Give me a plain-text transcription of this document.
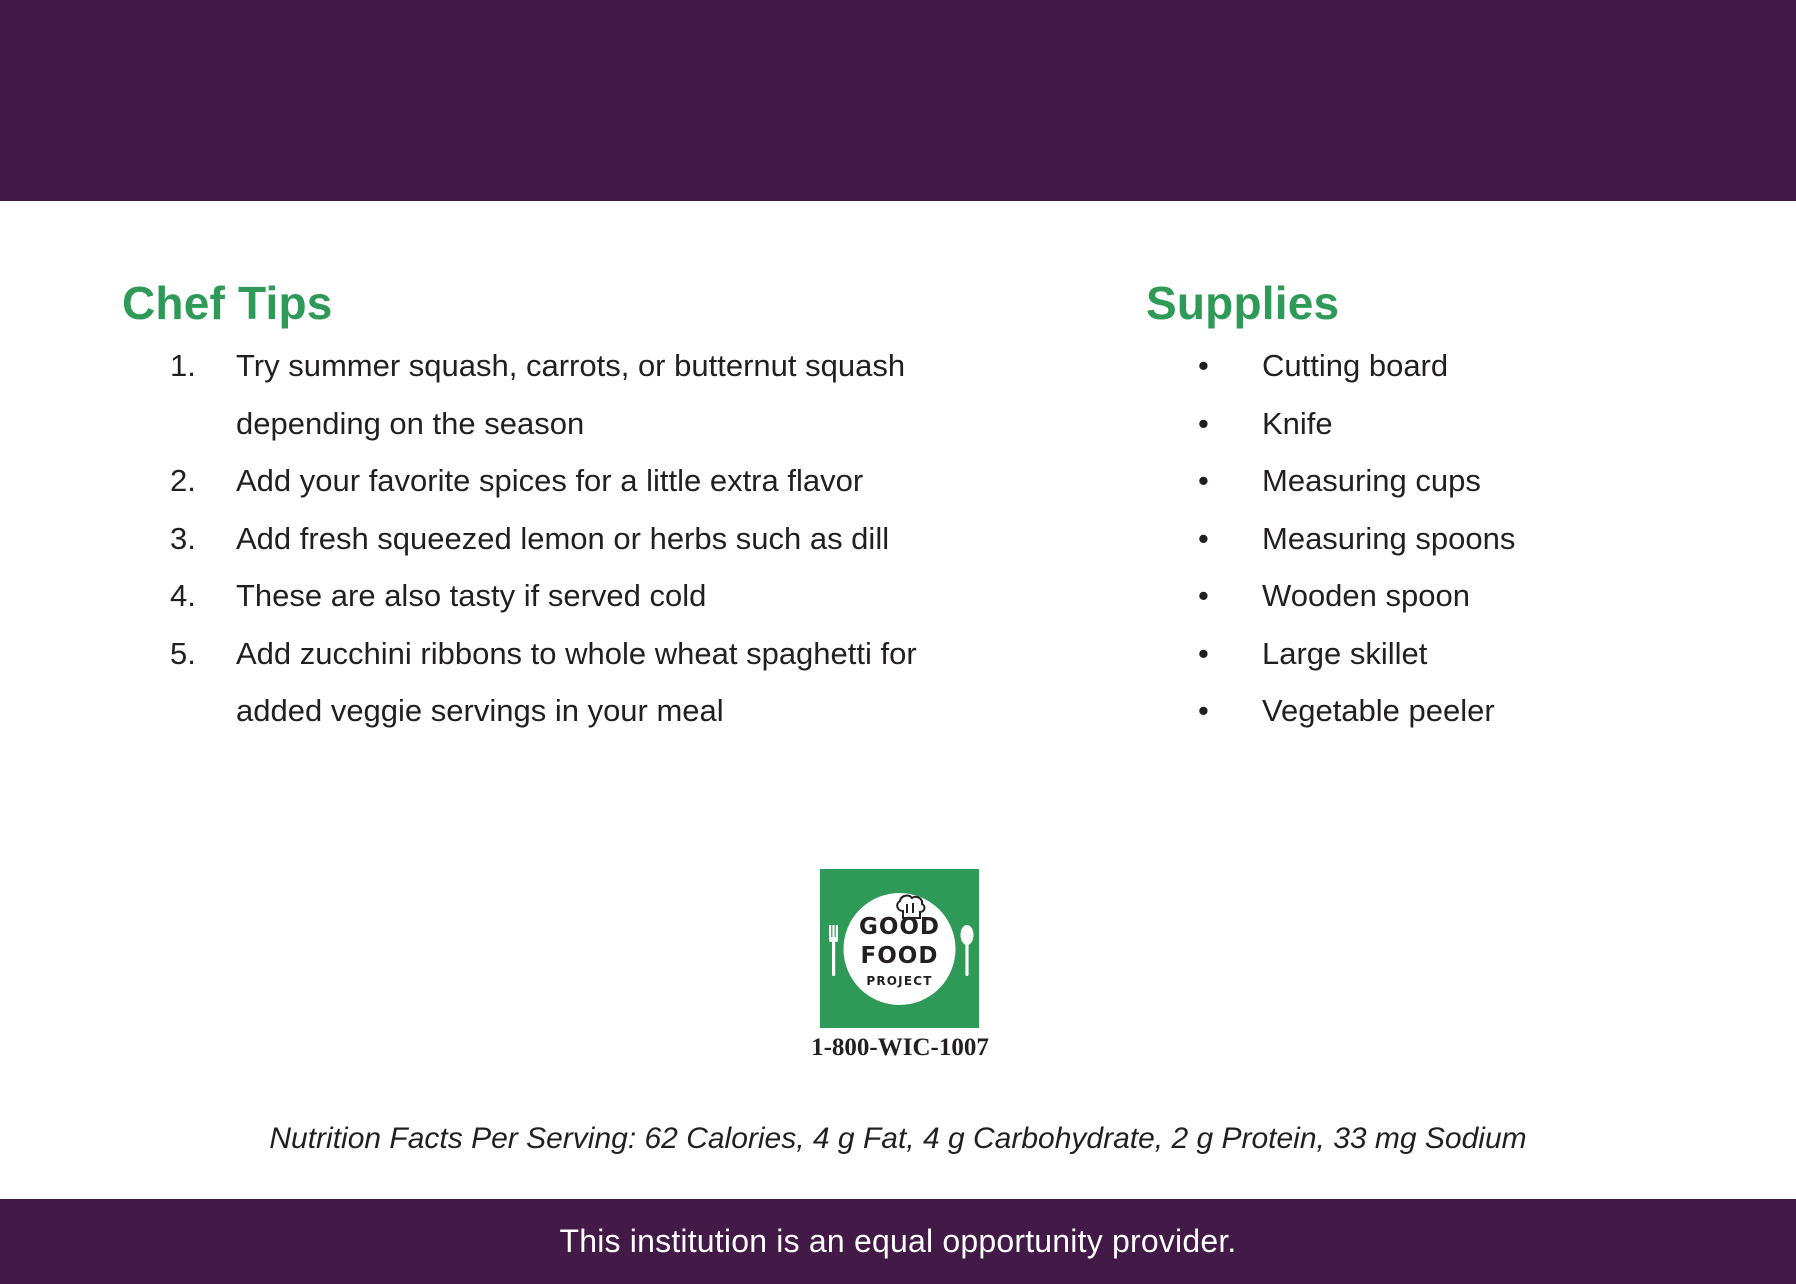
Chef Tips
1.	Try summer squash, carrots, or butternut squash
depending on the season
2.	Add your favorite spices for a little extra flavor
3.	Add fresh squeezed lemon or herbs such as dill
4.	These are also tasty if served cold
5.	Add zucchini ribbons to whole wheat spaghetti for
added veggie servings in your meal
Supplies
•	Cutting board
•	Knife
•	Measuring cups
•	Measuring spoons
•	Wooden spoon
•	Large skillet
•	Vegetable peeler
GOOD
FOOD
PROJECT
1-800-WIC-1007

Nutrition Facts Per Serving: 62 Calories, 4 g Fat, 4 g Carbohydrate, 2 g Protein, 33 mg Sodium

This institution is an equal opportunity provider.
